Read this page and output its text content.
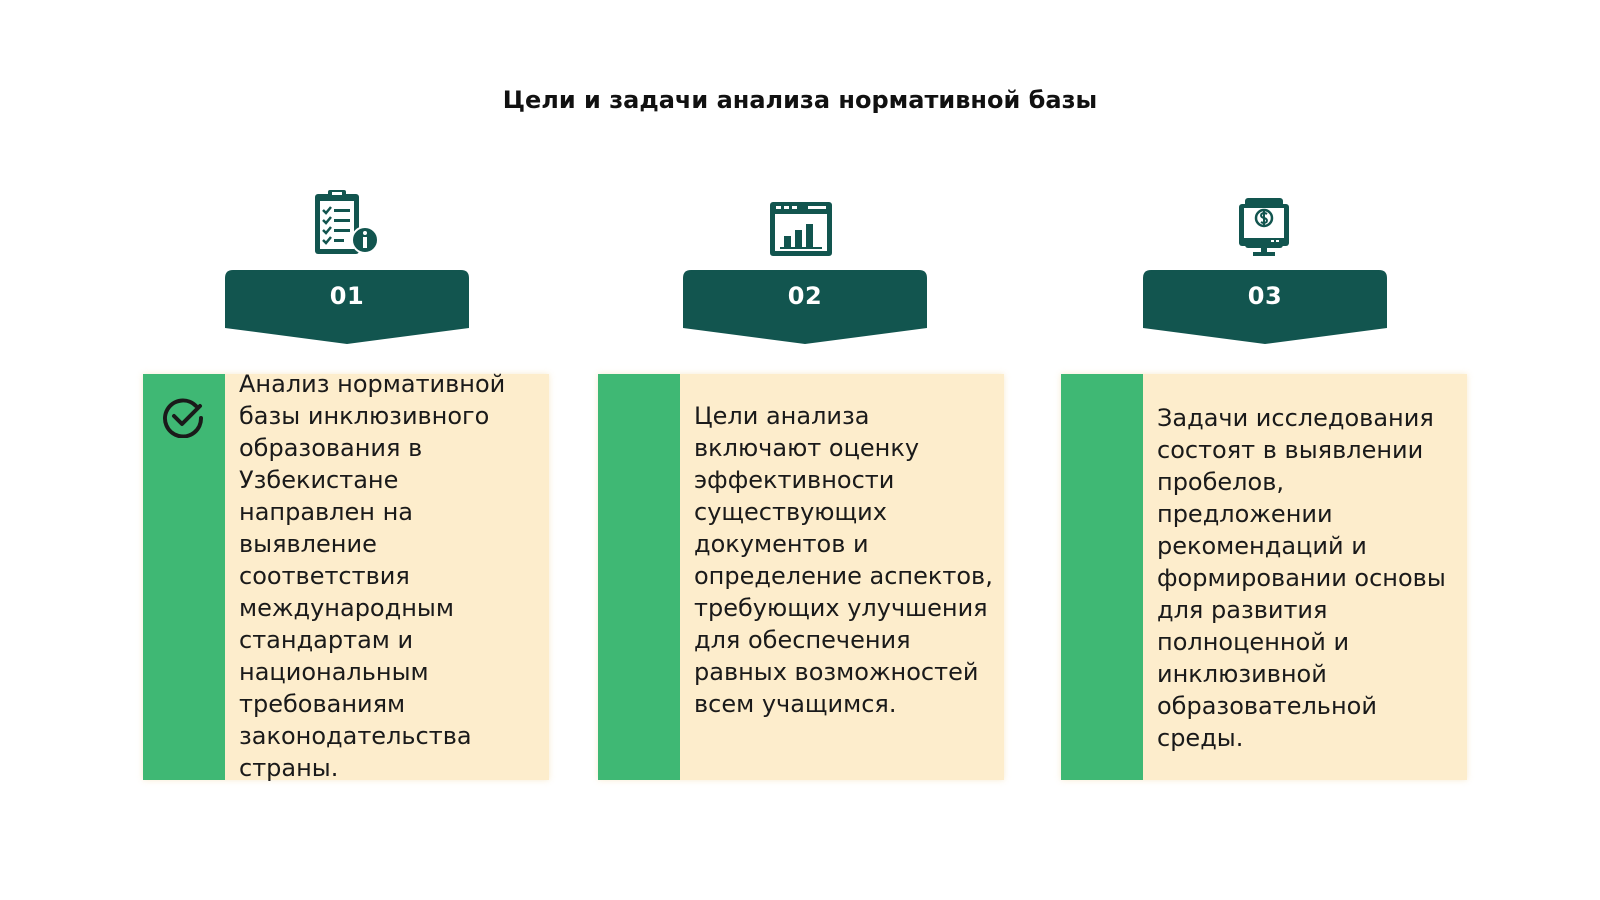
Цели и задачи анализа нормативной базы
01

Анализ нормативной базы инклюзивного образования в Узбекистане направлен на выявление соответствия международным стандартам и национальным требованиям законодательства страны.

02

Цели анализа включают оценку эффективности существующих документов и определение аспектов, требующих улучшения для обеспечения равных возможностей всем учащимся.

03

Задачи исследования состоят в выявлении пробелов, предложении рекомендаций и формировании основы для развития полноценной и инклюзивной образовательной среды.
